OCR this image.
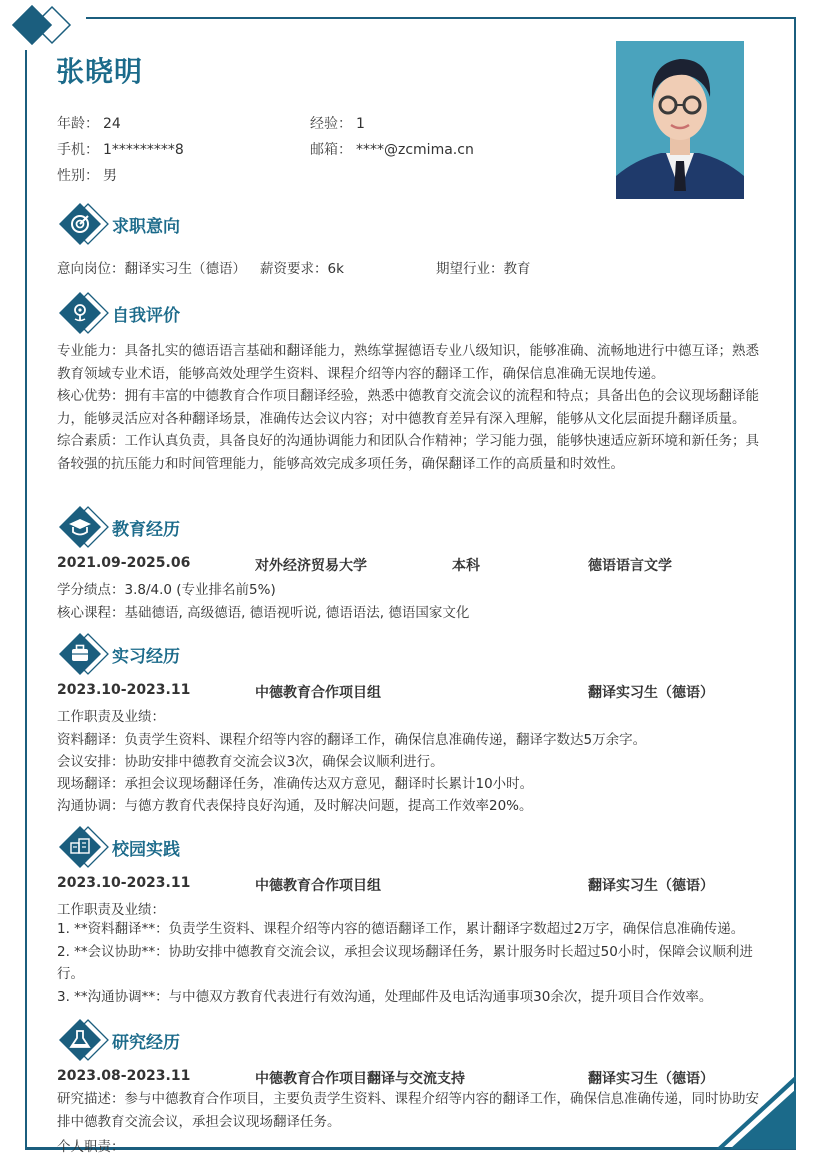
张晓明
年龄： 24	经验： 1
手机： 1*********8	邮箱： ****@zcmima.cn
性别： 男
求职意向
意向岗位：翻译实习生（德语） 薪资要求：6k	期望行业：教育
自我评价
专业能力：具备扎实的德语语言基础和翻译能力，熟练掌握德语专业八级知识，能够准确、流畅地进行中德互译；熟悉教育领域专业术语，能够高效处理学生资料、课程介绍等内容的翻译工作，确保信息准确无误地传递。
核心优势：拥有丰富的中德教育合作项目翻译经验，熟悉中德教育交流会议的流程和特点；具备出色的会议现场翻译能力，能够灵活应对各种翻译场景，准确传达会议内容；对中德教育差异有深入理解，能够从文化层面提升翻译质量。
综合素质：工作认真负责，具备良好的沟通协调能力和团队合作精神；学习能力强，能够快速适应新环境和新任务；具备较强的抗压能力和时间管理能力，能够高效完成多项任务，确保翻译工作的高质量和时效性。
教育经历
2021.09-2025.06	对外经济贸易大学	本科	德语语言文学
学分绩点：3.8/4.0 (专业排名前5%)
核心课程：基础德语, 高级德语, 德语视听说, 德语语法, 德语国家文化
实习经历
2023.10-2023.11	中德教育合作项目组	翻译实习生（德语）
工作职责及业绩：
资料翻译：负责学生资料、课程介绍等内容的翻译工作，确保信息准确传递，翻译字数达5万余字。
会议安排：协助安排中德教育交流会议3次，确保会议顺利进行。
现场翻译：承担会议现场翻译任务，准确传达双方意见，翻译时长累计10小时。
沟通协调：与德方教育代表保持良好沟通，及时解决问题，提高工作效率20%。
校园实践
2023.10-2023.11	中德教育合作项目组	翻译实习生（德语）
工作职责及业绩：
1. **资料翻译**：负责学生资料、课程介绍等内容的德语翻译工作，累计翻译字数超过2万字，确保信息准确传递。
2. **会议协助**：协助安排中德教育交流会议，承担会议现场翻译任务，累计服务时长超过50小时，保障会议顺利进行。
3. **沟通协调**：与中德双方教育代表进行有效沟通，处理邮件及电话沟通事项30余次，提升项目合作效率。
研究经历
2023.08-2023.11	中德教育合作项目翻译与交流支持	翻译实习生（德语）
研究描述：参与中德教育合作项目，主要负责学生资料、课程介绍等内容的翻译工作，确保信息准确传递，同时协助安排中德教育交流会议，承担会议现场翻译任务。
个人职责：
